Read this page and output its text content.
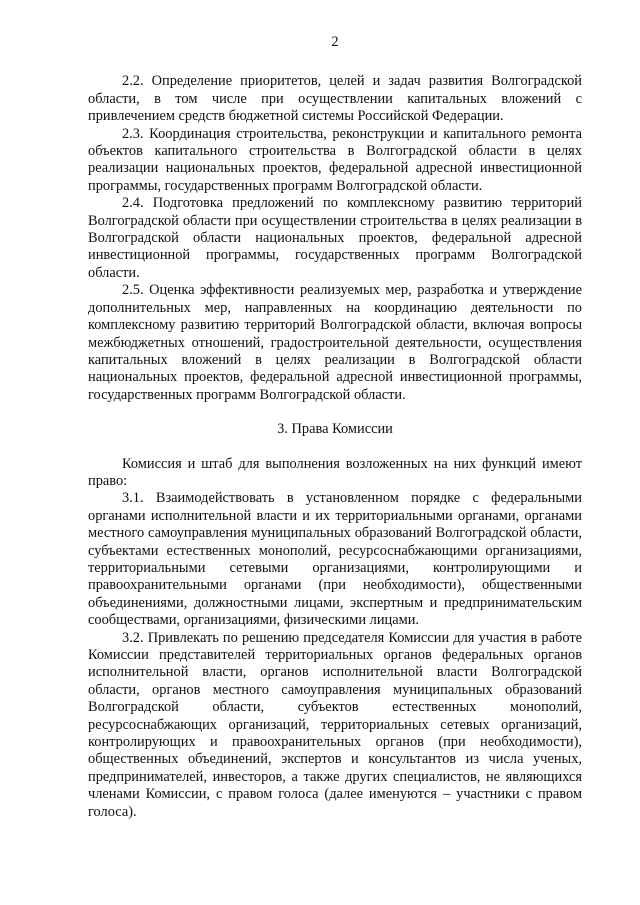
2

2.2. Определение приоритетов, целей и задач развития Волгоградской области, в том числе при осуществлении капитальных вложений с привлечением средств бюджетной системы Российской Федерации.

2.3. Координация строительства, реконструкции и капитального ремонта объектов капитального строительства в Волгоградской области в целях реализации национальных проектов, федеральной адресной инвестиционной программы, государственных программ Волгоградской области.

2.4. Подготовка предложений по комплексному развитию территорий Волгоградской области при осуществлении строительства в целях реализации в Волгоградской области национальных проектов, федеральной адресной инвестиционной программы, государственных программ Волгоградской области.

2.5. Оценка эффективности реализуемых мер, разработка и утверждение дополнительных мер, направленных на координацию деятельности по комплексному развитию территорий Волгоградской области, включая вопросы межбюджетных отношений, градостроительной деятельности, осуществления капитальных вложений в целях реализации в Волгоградской области национальных проектов, федеральной адресной инвестиционной программы, государственных программ Волгоградской области.

3. Права Комиссии

Комиссия и штаб для выполнения возложенных на них функций имеют право:

3.1. Взаимодействовать в установленном порядке с федеральными органами исполнительной власти и их территориальными органами, органами местного самоуправления муниципальных образований Волгоградской области, субъектами естественных монополий, ресурсоснабжающими организациями, территориальными сетевыми организациями, контролирующими и правоохранительными органами (при необходимости), общественными объединениями, должностными лицами, экспертным и предпринимательским сообществами, организациями, физическими лицами.

3.2. Привлекать по решению председателя Комиссии для участия в работе Комиссии представителей территориальных органов федеральных органов исполнительной власти, органов исполнительной власти Волгоградской области, органов местного самоуправления муниципальных образований Волгоградской области, субъектов естественных монополий, ресурсоснабжающих организаций, территориальных сетевых организаций, контролирующих и правоохранительных органов (при необходимости), общественных объединений, экспертов и консультантов из числа ученых, предпринимателей, инвесторов, а также других специалистов, не являющихся членами Комиссии, с правом голоса (далее именуются – участники с правом голоса).
